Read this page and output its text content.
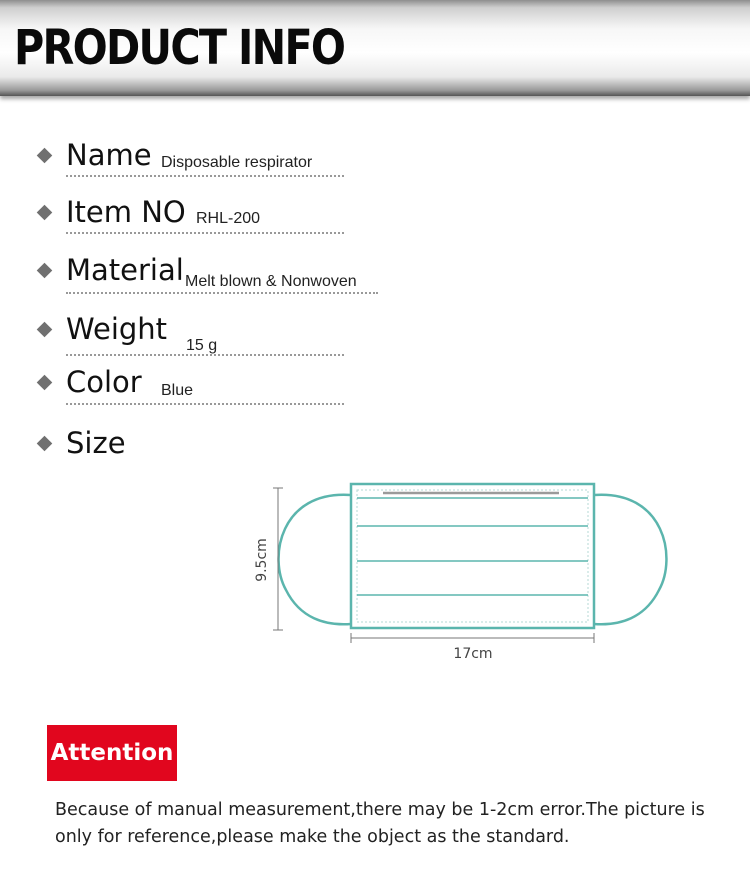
PRODUCT INFO
Name Disposable respirator
Item NO RHL-200
Material Melt blown & Nonwoven
Weight 15 g
Color Blue
Size
9.5cm
17cm
Attention
Because of manual measurement,there may be 1-2cm error.The picture is only for reference,please make the object as the standard.
